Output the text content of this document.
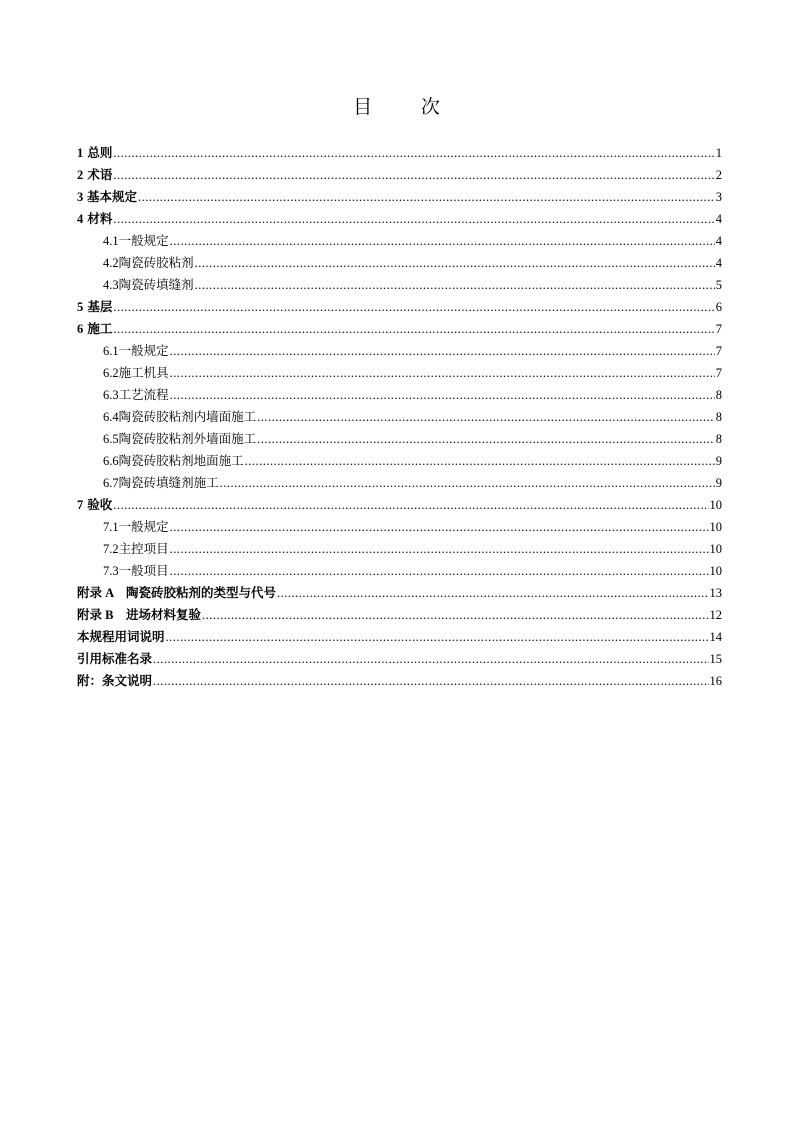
目 次
1 总则 .....	1
2 术语 .....	2
3 基本规定 .....	3
4 材料 .....	4
4.1 一般规定 .....	4
4.2 陶瓷砖胶粘剂 .....	4
4.3 陶瓷砖填缝剂 .....	5
5 基层 .....	6
6 施工 .....	7
6.1 一般规定 .....	7
6.2 施工机具 .....	7
6.3 工艺流程 .....	8
6.4 陶瓷砖胶粘剂内墙面施工 .....	8
6.5 陶瓷砖胶粘剂外墙面施工 .....	8
6.6 陶瓷砖胶粘剂地面施工 .....	9
6.7 陶瓷砖填缝剂施工 .....	9
7 验收 .....	10
7.1 一般规定 .....	10
7.2 主控项目 .....	10
7.3 一般项目 .....	10
附录 A　陶瓷砖胶粘剂的类型与代号 .....	13
附录 B　进场材料复验 .....	12
本规程用词说明 .....	14
引用标准名录 .....	15
附：条文说明 .....	16
